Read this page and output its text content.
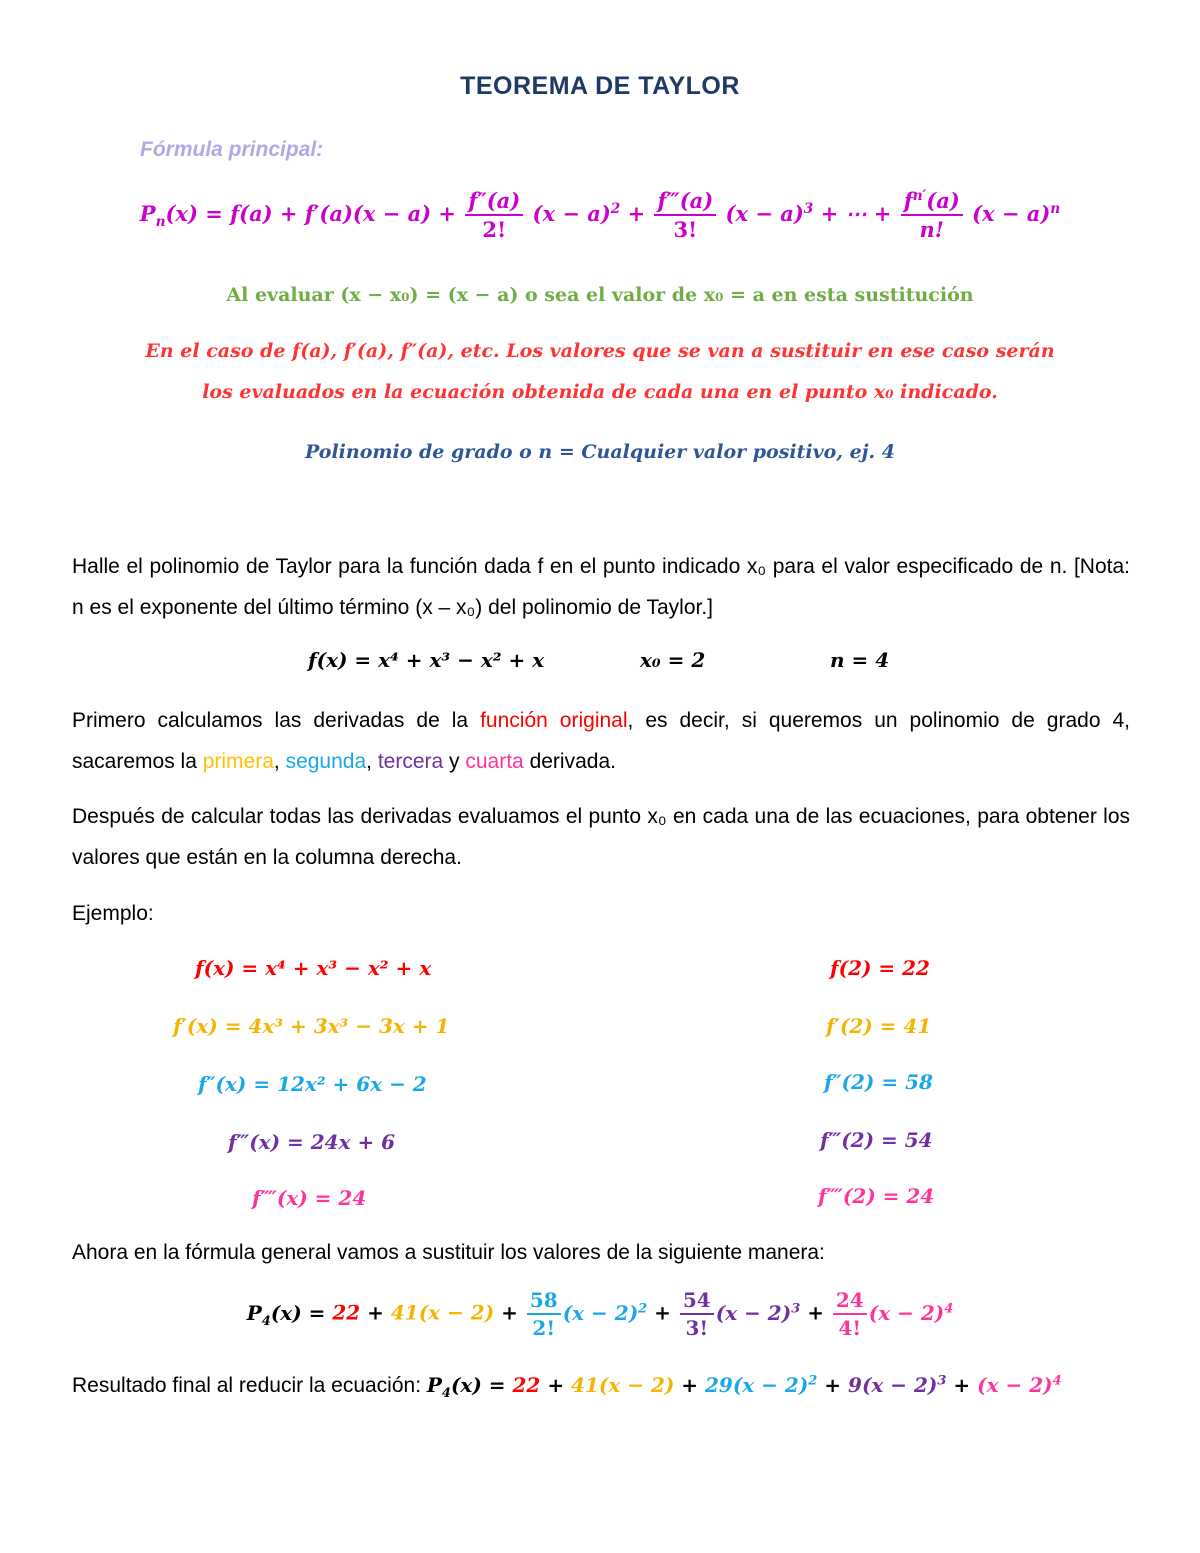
TEOREMA DE TAYLOR
Fórmula principal:
$P_n(x) = f(a) + f'(a)(x - a) + \frac{f''(a)}{2!} (x - a)^2 + \frac{f‴(a)}{3!} (x - a)^3$ + ⋯ + $\frac{f^{n'}(a)}{n!} (x - a)^n$
Al evaluar (x − x₀) = (x − a) o sea el valor de x₀ = a en esta sustitución
En el caso de f(a), f′(a), f″(a), etc. Los valores que se van a sustituir en ese caso serán
los evaluados en la ecuación obtenida de cada una en el punto x₀ indicado.
Polinomio de grado o n = Cualquier valor positivo, ej. 4
Halle el polinomio de Taylor para la función dada f en el punto indicado x₀ para el valor especificado de n. [Nota: n es el exponente del último término (x – x₀) del polinomio de Taylor.]
f(x) = x⁴ + x³ − x² + x	x₀ = 2	n = 4
Primero calculamos las derivadas de la función original, es decir, si queremos un polinomio de grado 4, sacaremos la primera, segunda, tercera y cuarta derivada.
Después de calcular todas las derivadas evaluamos el punto x₀ en cada una de las ecuaciones, para obtener los valores que están en la columna derecha.
Ejemplo:
f(x) = x⁴ + x³ − x² + x	f(2) = 22
f′(x) = 4x³ + 3x³ − 3x + 1	f′(2) = 41
f″(x) = 12x² + 6x − 2	f″(2) = 58
f‴(x) = 24x + 6	f‴(2) = 54
f⁗(x) = 24	f⁗(2) = 24
Ahora en la fórmula general vamos a sustituir los valores de la siguiente manera:
$P_4(x) = 22 + 41(x - 2) + \frac{58}{2!} (x - 2)^2 + \frac{54}{3!} (x - 2)^3 + \frac{24}{4!} (x - 2)^4$
Resultado final al reducir la ecuación: $P_4(x) = 22 + 41(x - 2) + 29(x - 2)^2 + 9(x - 2)^3 + (x - 2)^4$
